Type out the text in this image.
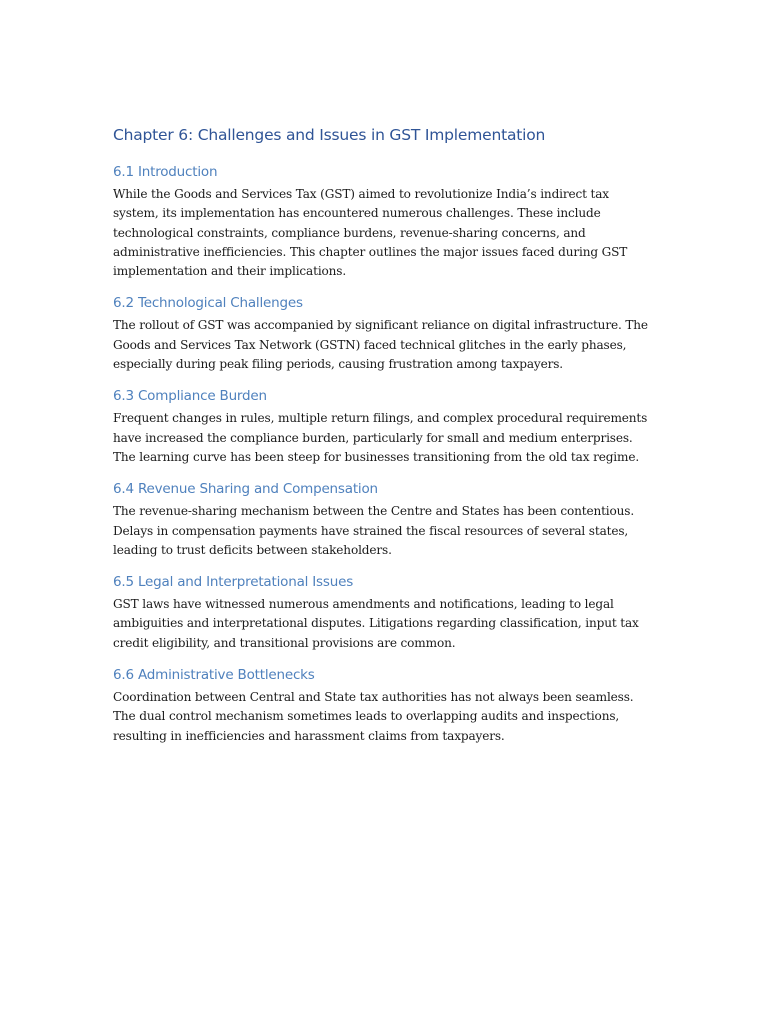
Chapter 6: Challenges and Issues in GST Implementation
6.1 Introduction

While the Goods and Services Tax (GST) aimed to revolutionize India’s indirect tax system, its implementation has encountered numerous challenges. These include technological constraints, compliance burdens, revenue-sharing concerns, and administrative inefficiencies. This chapter outlines the major issues faced during GST implementation and their implications.

6.2 Technological Challenges

The rollout of GST was accompanied by significant reliance on digital infrastructure. The Goods and Services Tax Network (GSTN) faced technical glitches in the early phases, especially during peak filing periods, causing frustration among taxpayers.

6.3 Compliance Burden

Frequent changes in rules, multiple return filings, and complex procedural requirements have increased the compliance burden, particularly for small and medium enterprises. The learning curve has been steep for businesses transitioning from the old tax regime.

6.4 Revenue Sharing and Compensation

The revenue-sharing mechanism between the Centre and States has been contentious. Delays in compensation payments have strained the fiscal resources of several states, leading to trust deficits between stakeholders.

6.5 Legal and Interpretational Issues

GST laws have witnessed numerous amendments and notifications, leading to legal ambiguities and interpretational disputes. Litigations regarding classification, input tax credit eligibility, and transitional provisions are common.

6.6 Administrative Bottlenecks

Coordination between Central and State tax authorities has not always been seamless. The dual control mechanism sometimes leads to overlapping audits and inspections, resulting in inefficiencies and harassment claims from taxpayers.
